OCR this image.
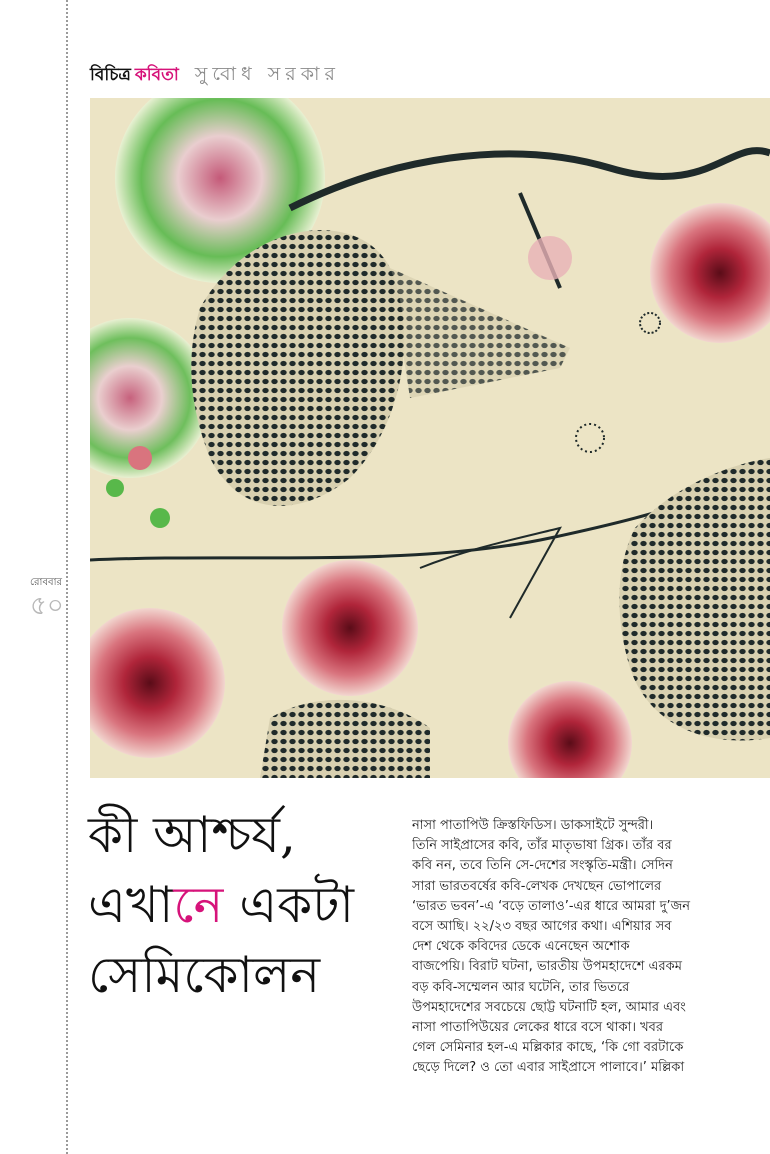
বিচিত্র কবিতা সুবোধ সরকার
রোববার
৫০
কী আশ্চর্য,
এখানে একটা
সেমিকোলন
নাসা পাতাপিউ ক্রিস্তফিডিস। ডাকসাইটে সুন্দরী।
তিনি সাইপ্রাসের কবি, তাঁর মাতৃভাষা গ্রিক। তাঁর বর
কবি নন, তবে তিনি সে-দেশের সংস্কৃতি-মন্ত্রী। সেদিন
সারা ভারতবর্ষের কবি-লেখক দেখছেন ভোপালের
‘ভারত ভবন’-এ ‘বড়ে তালাও’-এর ধারে আমরা দু’জন
বসে আছি। ২২/২৩ বছর আগের কথা। এশিয়ার সব
দেশ থেকে কবিদের ডেকে এনেছেন অশোক
বাজপেয়ি। বিরাট ঘটনা, ভারতীয় উপমহাদেশে এরকম
বড় কবি-সম্মেলন আর ঘটেনি, তার ভিতরে
উপমহাদেশের সবচেয়ে ছোট্ট ঘটনাটি হল, আমার এবং
নাসা পাতাপিউয়ের লেকের ধারে বসে থাকা। খবর
গেল সেমিনার হল-এ মল্লিকার কাছে, ‘কি গো বরটাকে
ছেড়ে দিলে? ও তো এবার সাইপ্রাসে পালাবে।’ মল্লিকা
